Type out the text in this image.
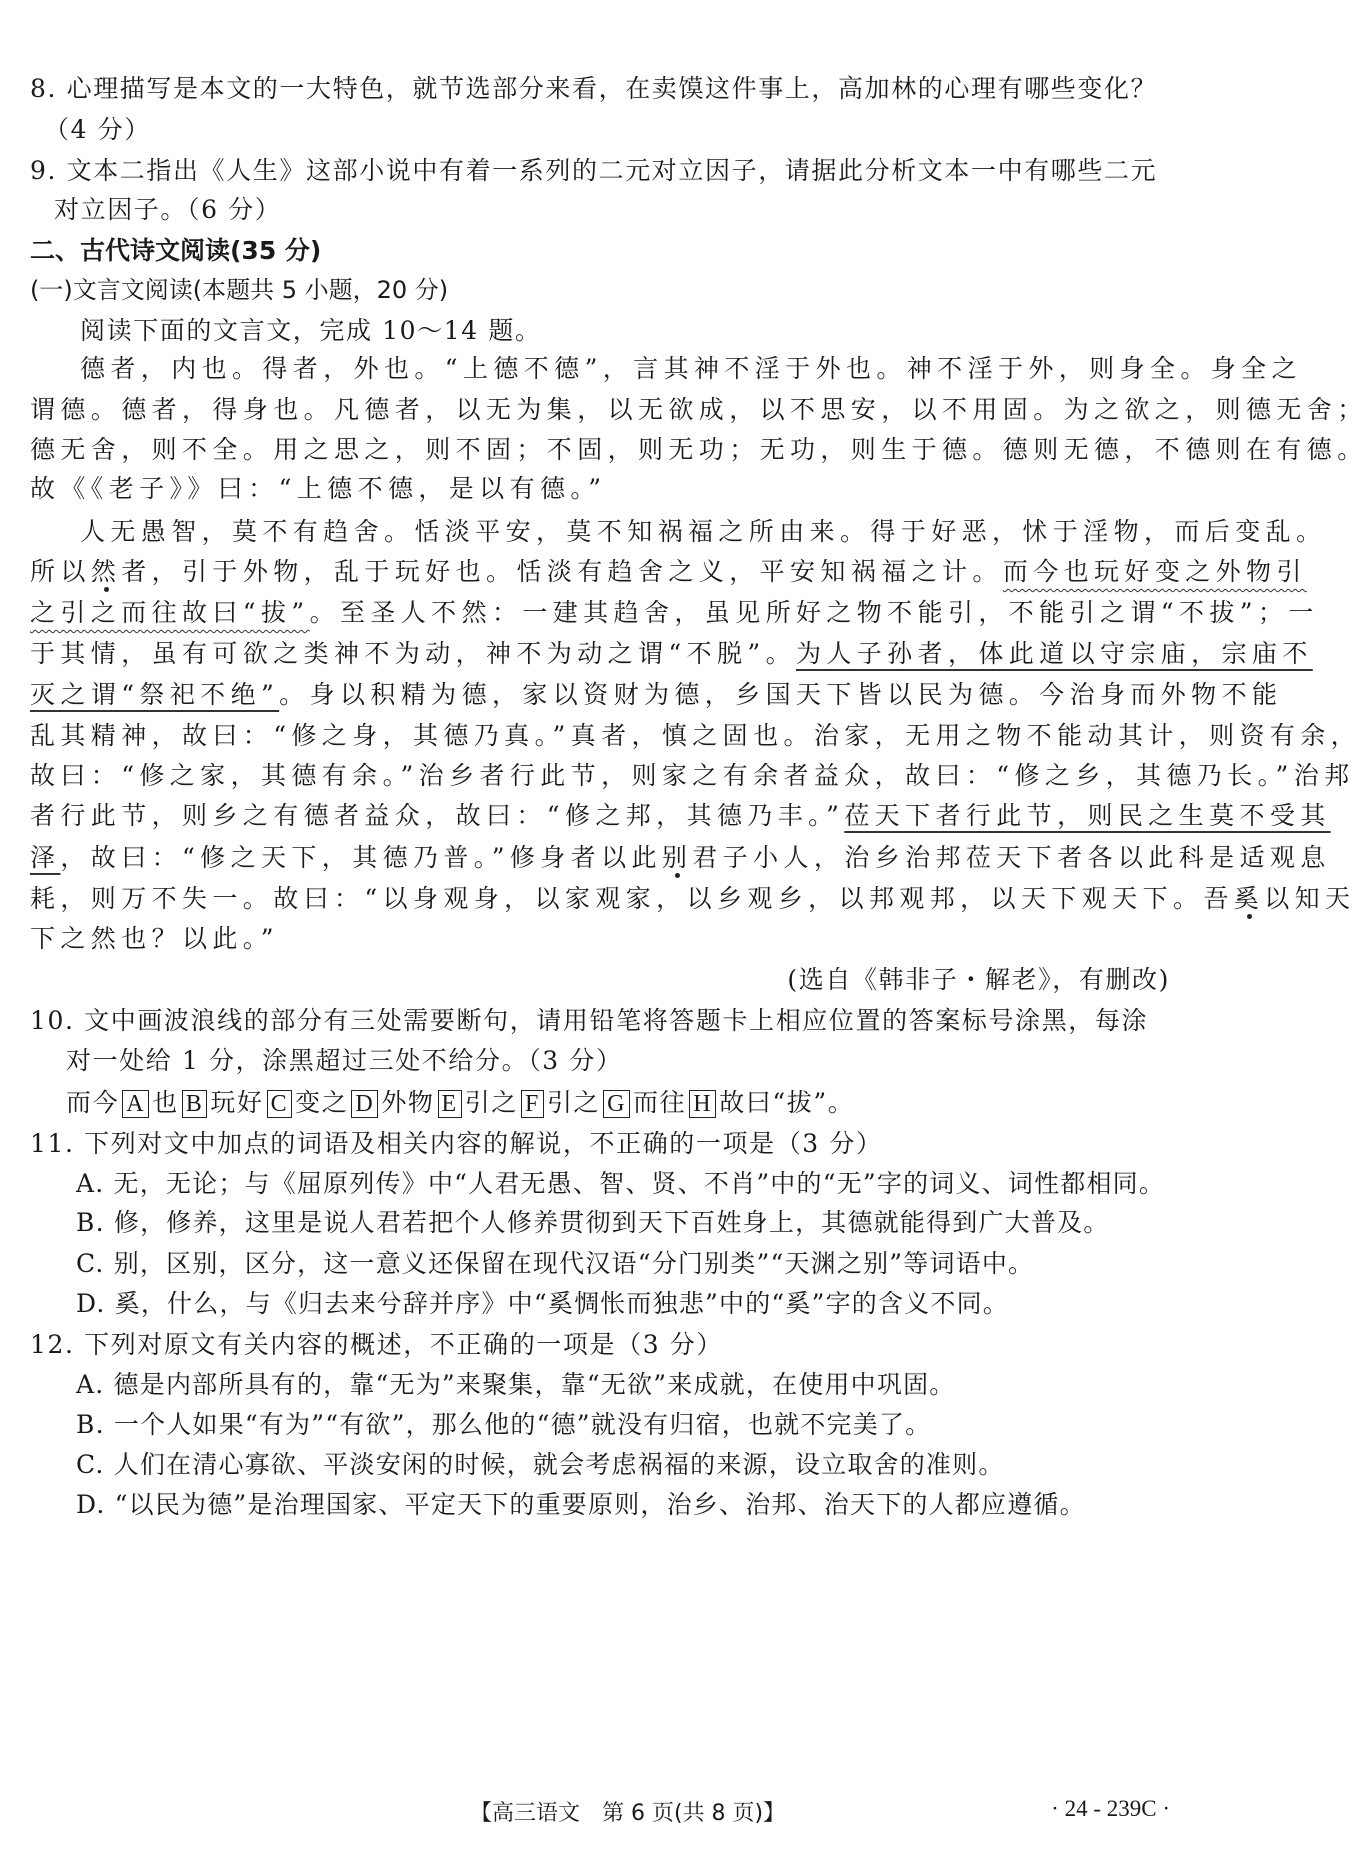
8. 心理描写是本文的一大特色，就节选部分来看，在卖馍这件事上，高加林的心理有哪些变化？
（4 分）
9. 文本二指出《人生》这部小说中有着一系列的二元对立因子，请据此分析文本一中有哪些二元
对立因子。（6 分）
二、古代诗文阅读(35 分)
(一)文言文阅读(本题共 5 小题，20 分)
阅读下面的文言文，完成 10～14 题。
德者，内也。得者，外也。“上德不德”，言其神不淫于外也。神不淫于外，则身全。身全之
谓德。德者，得身也。凡德者，以无为集，以无欲成，以不思安，以不用固。为之欲之，则德无舍；
德无舍，则不全。用之思之，则不固；不固，则无功；无功，则生于德。德则无德，不德则在有德。
故《《老子》》曰：“上德不德，是以有德。”
人无愚智，莫不有趋舍。恬淡平安，莫不知祸福之所由来。得于好恶，怵于淫物，而后变乱。
所以然者，引于外物，乱于玩好也。恬淡有趋舍之义，平安知祸福之计。而今也玩好变之外物引
之引之而往故曰“拔”。至圣人不然：一建其趋舍，虽见所好之物不能引，不能引之谓“不拔”；一
于其情，虽有可欲之类神不为动，神不为动之谓“不脱”。为人子孙者，体此道以守宗庙，宗庙不
灭之谓“祭祀不绝”。身以积精为德，家以资财为德，乡国天下皆以民为德。今治身而外物不能
乱其精神，故曰：“修之身，其德乃真。”真者，慎之固也。治家，无用之物不能动其计，则资有余，
故曰：“修之家，其德有余。”治乡者行此节，则家之有余者益众，故曰：“修之乡，其德乃长。”治邦
者行此节，则乡之有德者益众，故曰：“修之邦，其德乃丰。”莅天下者行此节，则民之生莫不受其
泽，故曰：“修之天下，其德乃普。”修身者以此别君子小人，治乡治邦莅天下者各以此科是适观息
耗，则万不失一。故曰：“以身观身，以家观家，以乡观乡，以邦观邦，以天下观天下。吾奚以知天
下之然也？以此。”
(选自《韩非子・解老》，有删改)
10. 文中画波浪线的部分有三处需要断句，请用铅笔将答题卡上相应位置的答案标号涂黑，每涂
对一处给 1 分，涂黑超过三处不给分。（3 分）
而今 A 也 B 玩好 C 变之 D 外物 E 引之 F 引之 G 而往 H 故曰“拔”。
11. 下列对文中加点的词语及相关内容的解说，不正确的一项是（3 分）
A. 无，无论；与《屈原列传》中“人君无愚、智、贤、不肖”中的“无”字的词义、词性都相同。
B. 修，修养，这里是说人君若把个人修养贯彻到天下百姓身上，其德就能得到广大普及。
C. 别，区别，区分，这一意义还保留在现代汉语“分门别类”“天渊之别”等词语中。
D. 奚，什么，与《归去来兮辞并序》中“奚惆怅而独悲”中的“奚”字的含义不同。
12. 下列对原文有关内容的概述，不正确的一项是（3 分）
A. 德是内部所具有的，靠“无为”来聚集，靠“无欲”来成就，在使用中巩固。
B. 一个人如果“有为”“有欲”，那么他的“德”就没有归宿，也就不完美了。
C. 人们在清心寡欲、平淡安闲的时候，就会考虑祸福的来源，设立取舍的准则。
D. “以民为德”是治理国家、平定天下的重要原则，治乡、治邦、治天下的人都应遵循。
【高三语文　第 6 页(共 8 页)】	· 24 - 239C ·
